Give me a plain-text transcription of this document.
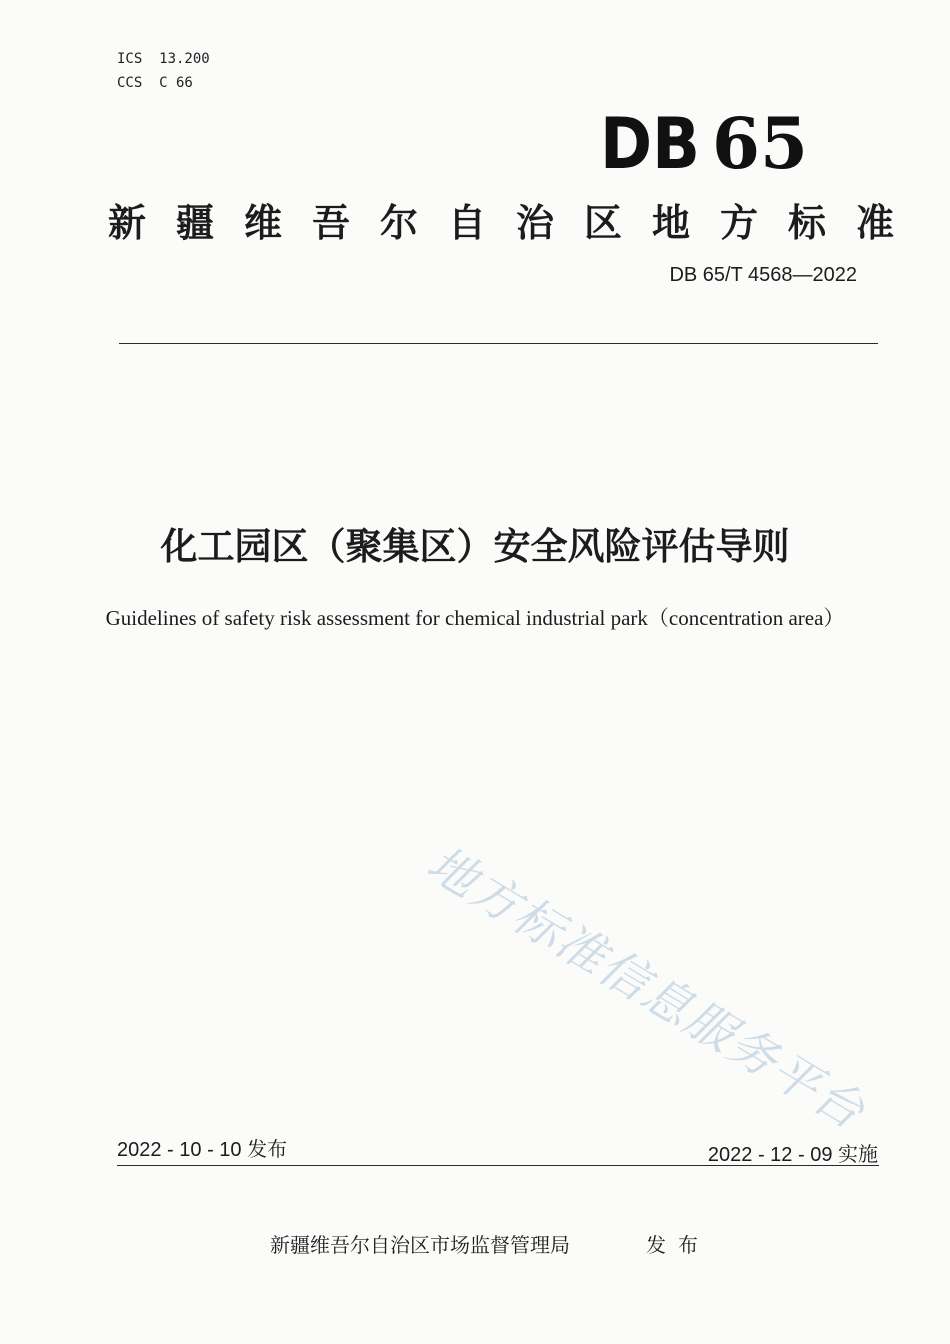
ICS  13.200
CCS  C 66
DB 65
新疆维吾尔自治区地方标准
DB 65/T 4568—2022
化工园区（聚集区）安全风险评估导则
Guidelines of safety risk assessment for chemical industrial park（concentration area）
地方标准信息服务平台
2022 - 10 - 10 发布	2022 - 12 - 09 实施
新疆维吾尔自治区市场监督管理局	发布
